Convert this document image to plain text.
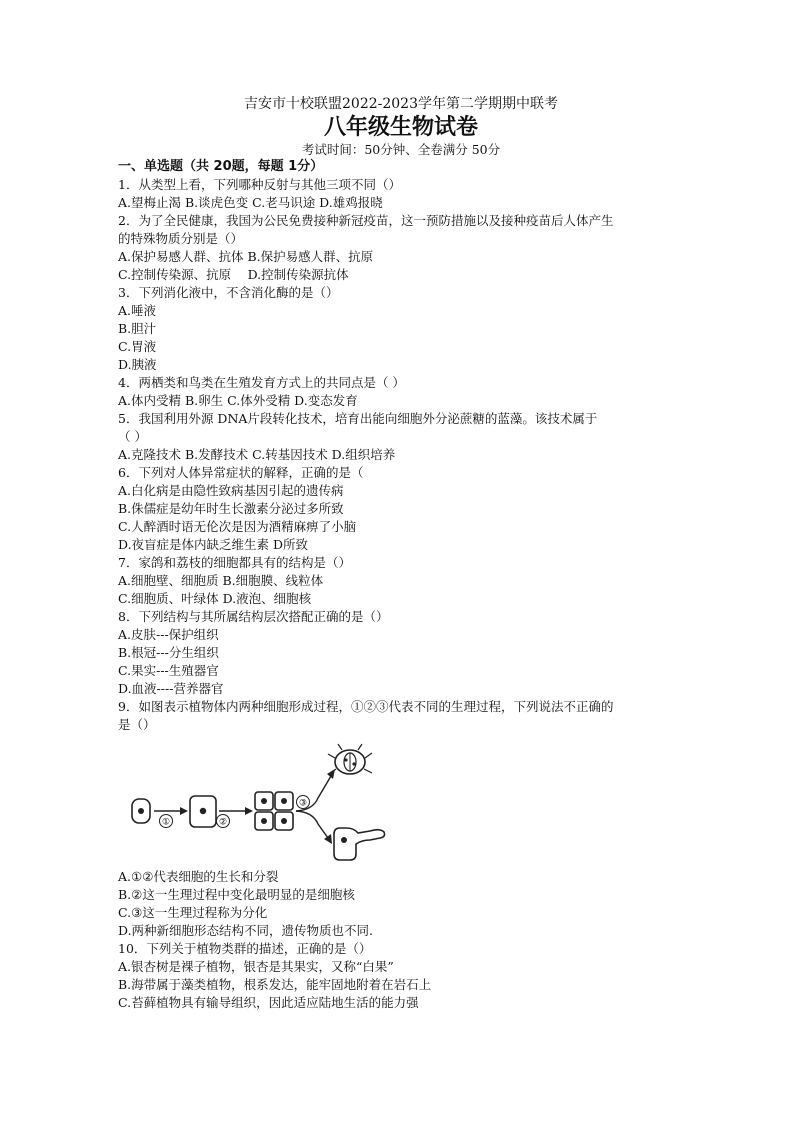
吉安市十校联盟2022-2023学年第二学期期中联考

八年级生物试卷

考试时间：50分钟、全卷满分 50分

一、单选题（共 20题，每题 1分）

1．从类型上看，下列哪种反射与其他三项不同（）

A.望梅止渴 B.谈虎色变 C.老马识途 D.雄鸡报晓

2．为了全民健康，我国为公民免费接种新冠疫苗，这一预防措施以及接种疫苗后人体产生

的特殊物质分别是（）

A.保护易感人群、抗体 B.保护易感人群、抗原

C.控制传染源、抗原　 D.控制传染源抗体

3．下列消化液中，不含消化酶的是（）

A.唾液

B.胆汁

C.胃液

D.胰液

4．两栖类和鸟类在生殖发育方式上的共同点是（ ）

A.体内受精 B.卵生 C.体外受精 D.变态发育

5．我国利用外源 DNA片段转化技术，培育出能向细胞外分泌蔗糖的蓝藻。该技术属于

（ ）

A.克隆技术 B.发酵技术 C.转基因技术 D.组织培养

6．下列对人体异常症状的解释，正确的是（

A.白化病是由隐性致病基因引起的遗传病

B.侏儒症是幼年时生长激素分泌过多所致

C.人醉酒时语无伦次是因为酒精麻痹了小脑

D.夜盲症是体内缺乏维生素 D所致

7．家鸽和荔枝的细胞都具有的结构是（）

A.细胞壁、细胞质 B.细胞膜、线粒体

C.细胞质、叶绿体 D.液泡、细胞核

8．下列结构与其所属结构层次搭配正确的是（）

A.皮肤---保护组织

B.根冠---分生组织

C.果实---生殖器官

D.血液----营养器官

9．如图表示植物体内两种细胞形成过程，①②③代表不同的生理过程，下列说法不正确的

是（）

①	②
③

A.①②代表细胞的生长和分裂

B.②这一生理过程中变化最明显的是细胞核

C.③这一生理过程称为分化

D.两种新细胞形态结构不同，遗传物质也不同.

10．下列关于植物类群的描述，正确的是（）

A.银杏树是裸子植物，银杏是其果实，又称“白果”

B.海带属于藻类植物，根系发达，能牢固地附着在岩石上

C.苔藓植物具有输导组织，因此适应陆地生活的能力强
